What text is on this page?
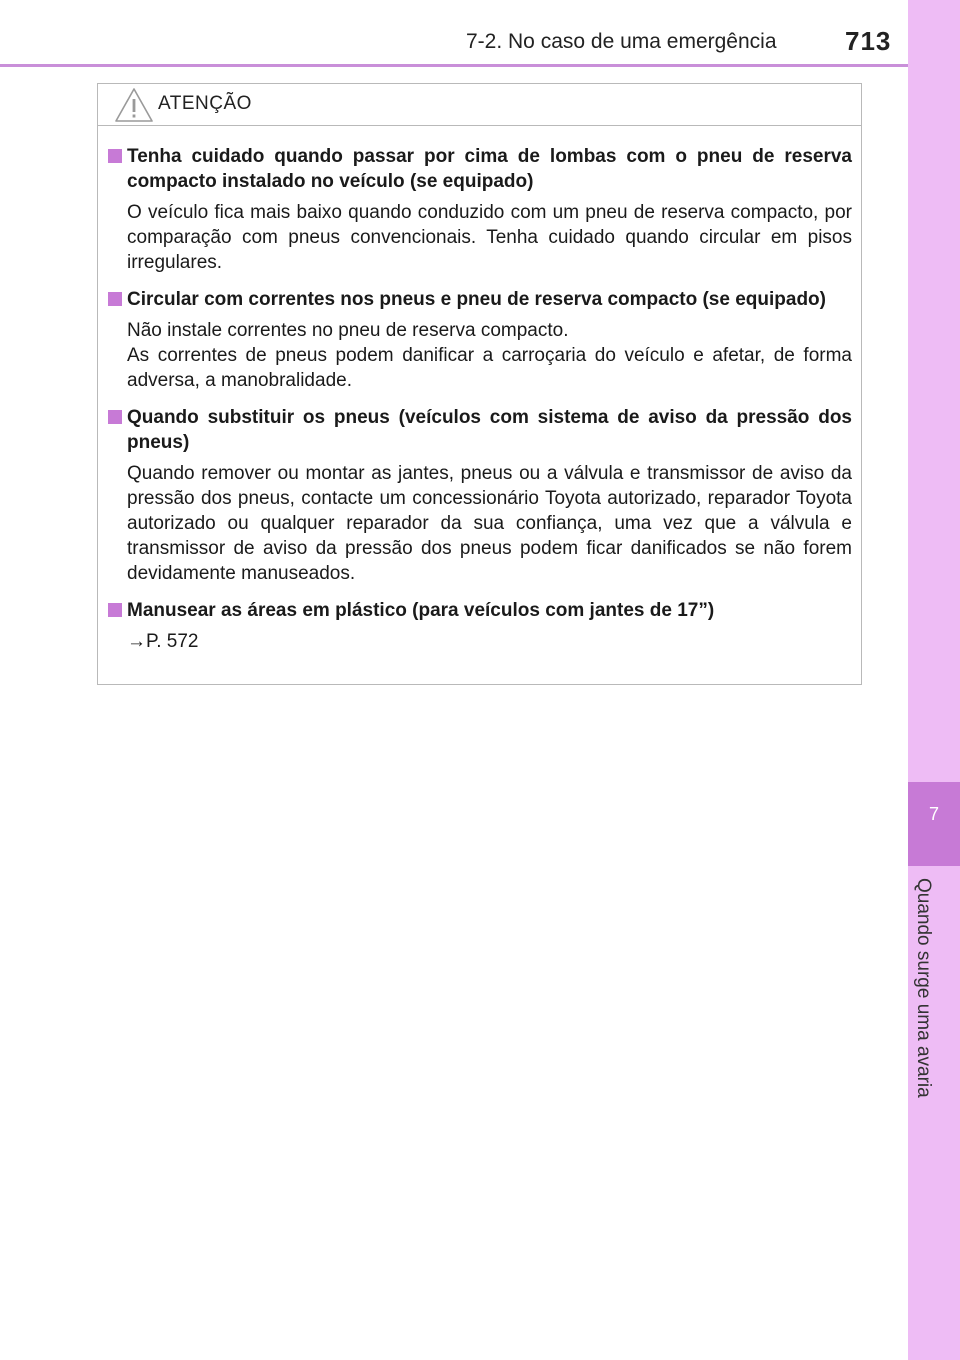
7-2. No caso de uma emergência	713
7
Quando surge uma avaria
ATENÇÃO
Tenha cuidado quando passar por cima de lombas com o pneu de reserva compacto instalado no veículo (se equipado)

O veículo fica mais baixo quando conduzido com um pneu de reserva compacto, por comparação com pneus convencionais. Tenha cuidado quando circular em pisos irregulares.

Circular com correntes nos pneus e pneu de reserva compacto (se equipado)

Não instale correntes no pneu de reserva compacto.

As correntes de pneus podem danificar a carroçaria do veículo e afetar, de forma adversa, a manobralidade.

Quando substituir os pneus (veículos com sistema de aviso da pressão dos pneus)

Quando remover ou montar as jantes, pneus ou a válvula e transmissor de aviso da pressão dos pneus, contacte um concessionário Toyota autorizado, reparador Toyota autorizado ou qualquer reparador da sua confiança, uma vez que a válvula e transmissor de aviso da pressão dos pneus podem ficar danificados se não forem devidamente manuseados.

Manusear as áreas em plástico (para veículos com jantes de 17”)
→P. 572
